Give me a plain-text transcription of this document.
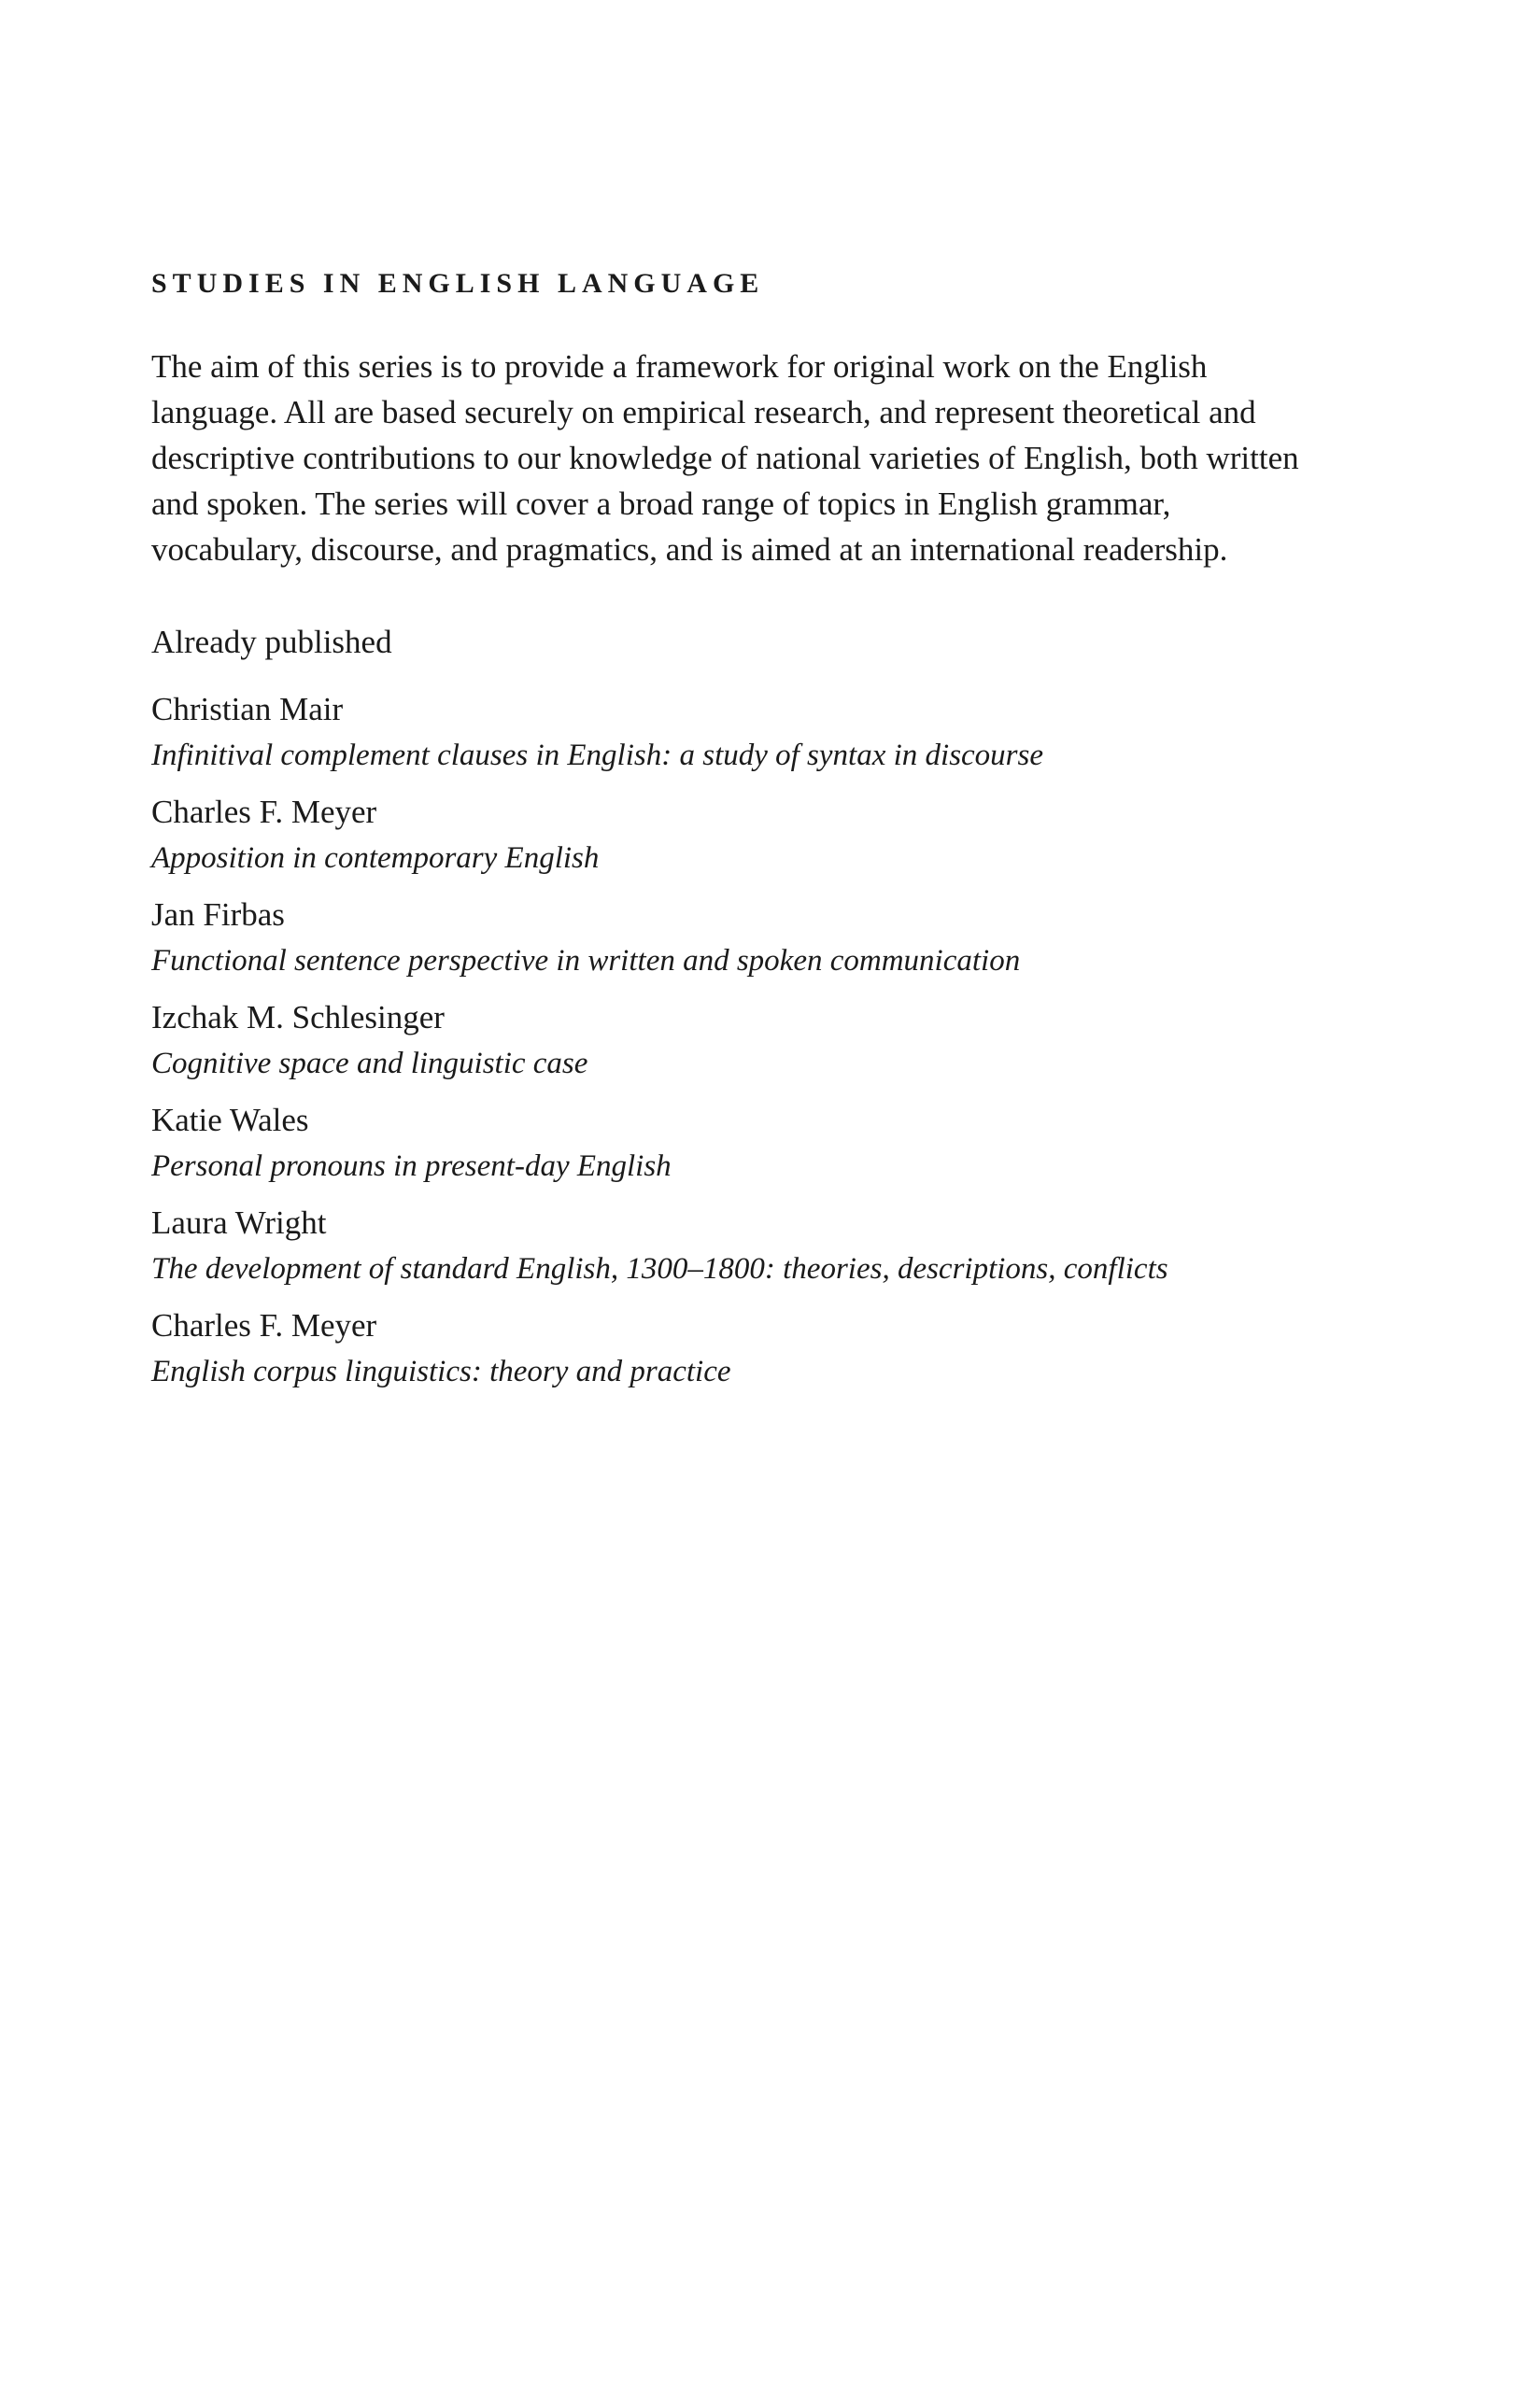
STUDIES IN ENGLISH LANGUAGE

The aim of this series is to provide a framework for original work on the English language. All are based securely on empirical research, and represent theoretical and descriptive contributions to our knowledge of national varieties of English, both written and spoken. The series will cover a broad range of topics in English grammar, vocabulary, discourse, and pragmatics, and is aimed at an international readership.

Already published

Christian Mair
Infinitival complement clauses in English: a study of syntax in discourse
Charles F. Meyer
Apposition in contemporary English
Jan Firbas
Functional sentence perspective in written and spoken communication
Izchak M. Schlesinger
Cognitive space and linguistic case
Katie Wales
Personal pronouns in present-day English
Laura Wright
The development of standard English, 1300–1800: theories, descriptions, conflicts
Charles F. Meyer
English corpus linguistics: theory and practice
